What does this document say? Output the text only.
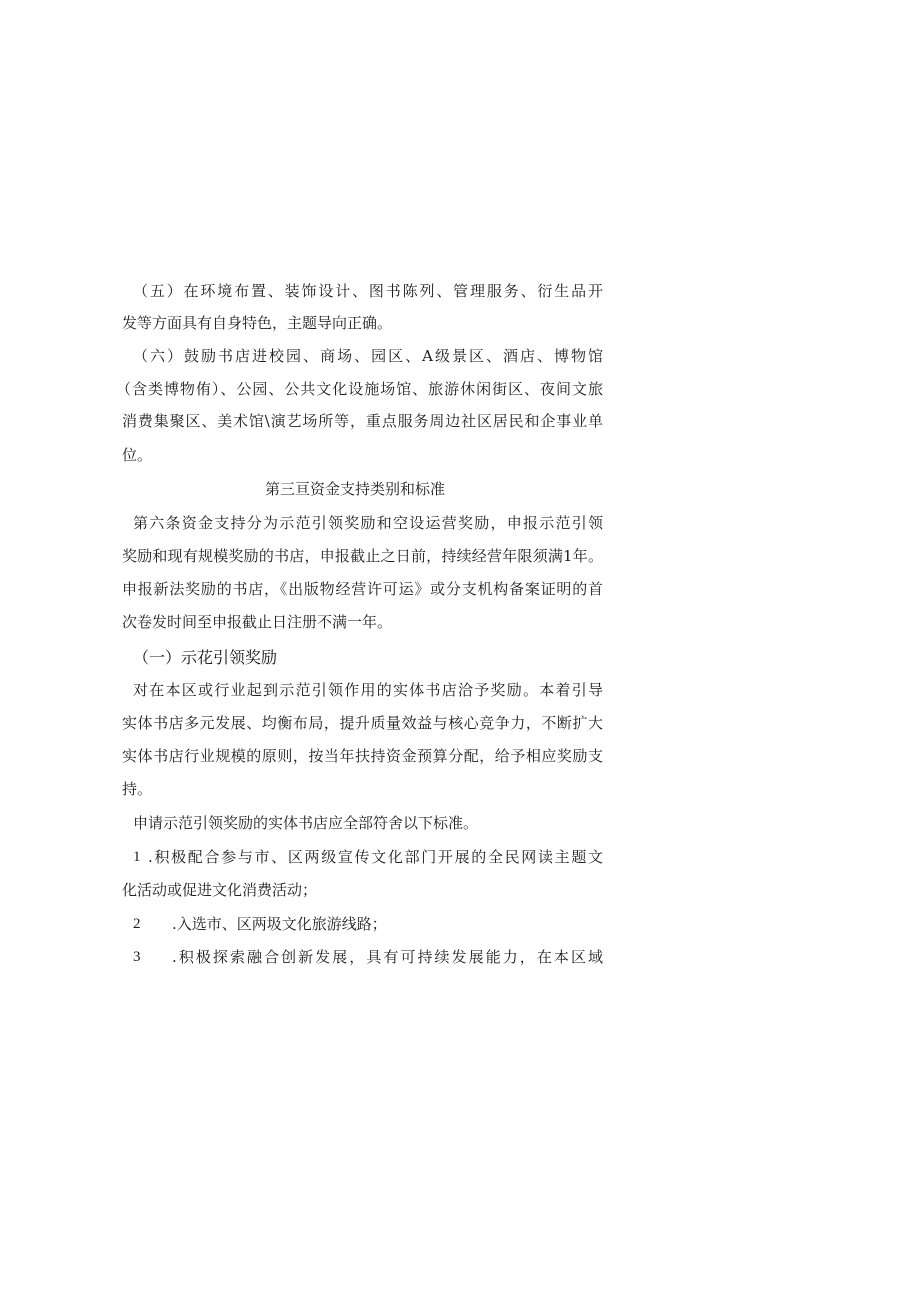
（五）在环境布置、装饰设计、图书陈列、管理服务、衍生品开
发等方面具有自身特色，主题导向正确。
（六）鼓励书店进校园、商场、园区、A级景区、酒店、博物馆
（含类博物侑）、公园、公共文化设施场馆、旅游休闲街区、夜间文旅
消费集聚区、美术馆\演艺场所等，重点服务周边社区居民和企事业单
位。
第三亘资金支持类别和标准
第六条资金支持分为示范引领奖励和空设运营奖励，申报示范引领
奖励和现有规模奖励的书店，申报截止之日前，持续经营年限须满1年。
申报新法奖励的书店，《出版物经营许可运》或分支机构备案证明的首
次卷发时间至申报截止日注册不满一年。
（一）示花引领奖励
对在本区或行业起到示范引领作用的实体书店洽予奖励。本着引导
实体书店多元发展、均衡布局，提升质量效益与核心竞争力，不断扩大
实体书店行业规模的原则，按当年扶持资金预算分配，给予相应奖励支
持。
申请示范引领奖励的实体书店应全部符舍以下标准。
1 .积极配合参与市、区两级宣传文化部门开展的全民网读主题文
化活动或促进文化消费活动；
2	.入选市、区两圾文化旅游线路；
3	.积极探索融合创新发展，具有可持续发展能力，在本区域
